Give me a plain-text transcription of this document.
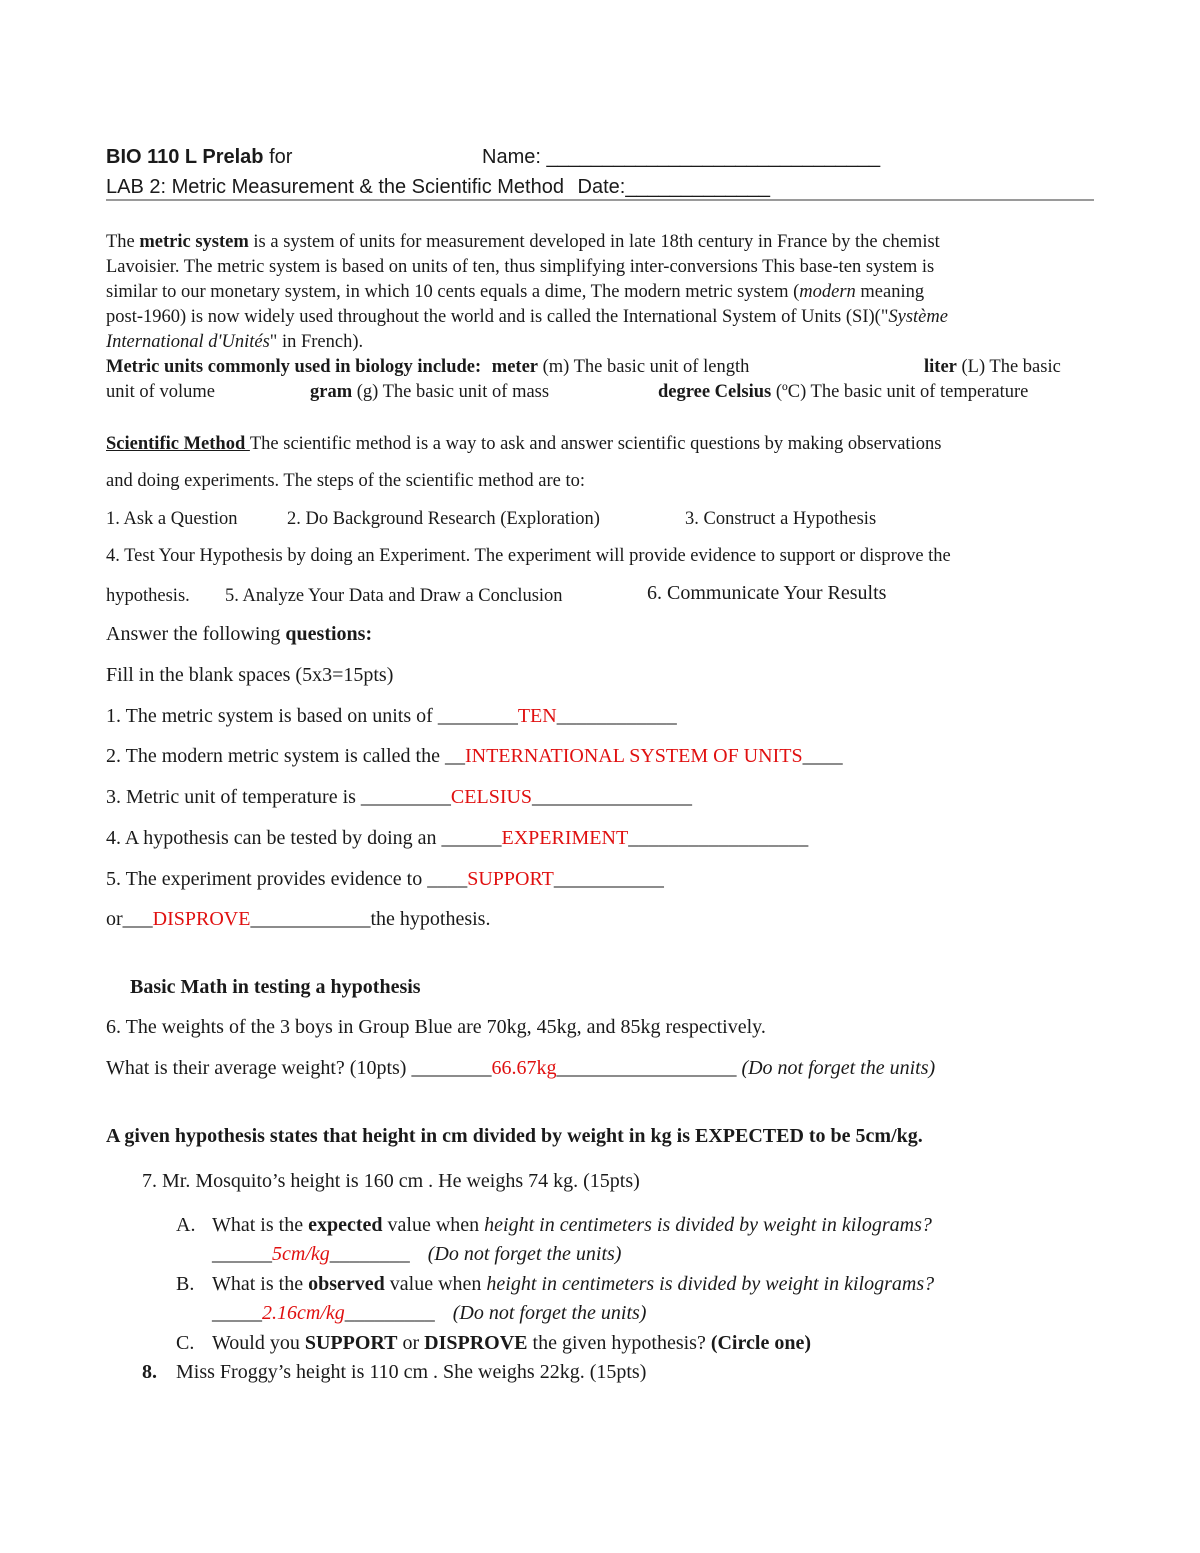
BIO 110 L Prelab for	Name: ______________________________
LAB 2: Metric Measurement & the Scientific Method Date:_____________
The metric system is a system of units for measurement developed in late 18th century in France by the chemist
Lavoisier. The metric system is based on units of ten, thus simplifying inter-conversions This base-ten system is
similar to our monetary system, in which 10 cents equals a dime, The modern metric system (modern meaning
post-1960) is now widely used throughout the world and is called the International System of Units (SI)("Système
International d'Unités" in French).
Metric units commonly used in biology include: meter (m) The basic unit of length	liter (L) The basic
unit of volume	gram (g) The basic unit of mass	degree Celsius (ºC) The basic unit of temperature
Scientific Method The scientific method is a way to ask and answer scientific questions by making observations
and doing experiments. The steps of the scientific method are to:
1. Ask a Question	2. Do Background Research (Exploration)	3. Construct a Hypothesis
4. Test Your Hypothesis by doing an Experiment. The experiment will provide evidence to support or disprove the
hypothesis. 5. Analyze Your Data and Draw a Conclusion	6. Communicate Your Results
Answer the following questions:
Fill in the blank spaces (5x3=15pts)
1. The metric system is based on units of ________TEN____________
2. The modern metric system is called the __INTERNATIONAL SYSTEM OF UNITS____
3. Metric unit of temperature is _________CELSIUS________________
4. A hypothesis can be tested by doing an ______EXPERIMENT__________________
5. The experiment provides evidence to ____SUPPORT___________
or___DISPROVE____________the hypothesis.
Basic Math in testing a hypothesis
6. The weights of the 3 boys in Group Blue are 70kg, 45kg, and 85kg respectively.
What is their average weight? (10pts) ________66.67kg__________________ (Do not forget the units)
A given hypothesis states that height in cm divided by weight in kg is EXPECTED to be 5cm/kg.
7. Mr. Mosquito’s height is 160 cm . He weighs 74 kg. (15pts)
A. What is the expected value when height in centimeters is divided by weight in kilograms?
______5cm/kg________ (Do not forget the units)
B. What is the observed value when height in centimeters is divided by weight in kilograms?
_____2.16cm/kg_________ (Do not forget the units)
C. Would you SUPPORT or DISPROVE the given hypothesis? (Circle one)
8. Miss Froggy’s height is 110 cm . She weighs 22kg. (15pts)
